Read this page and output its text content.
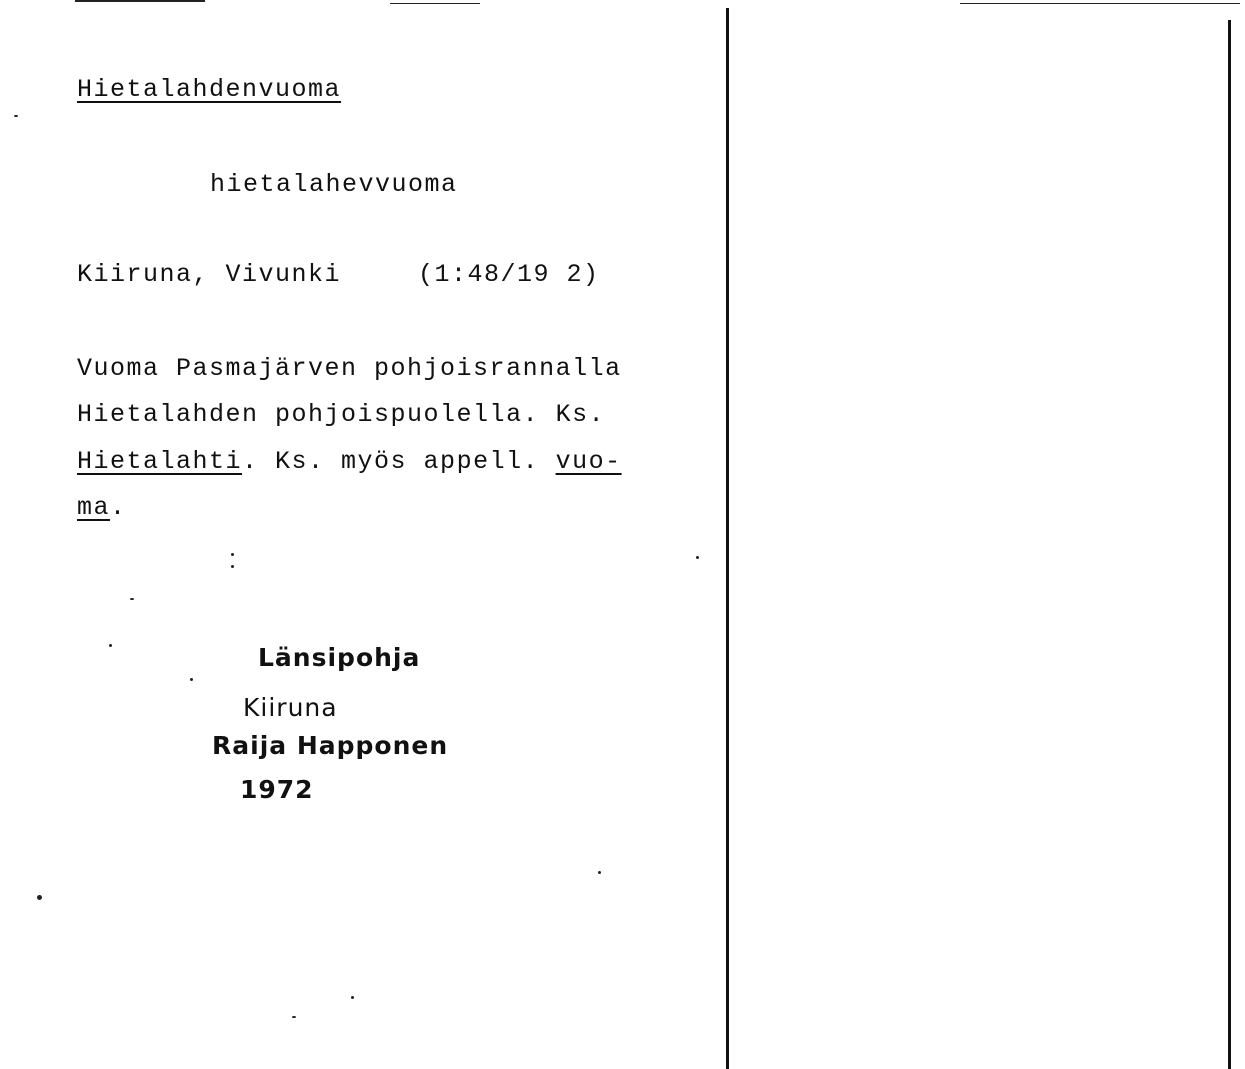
Hietalahdenvuoma
hietalahevvuoma
Kiiruna, Vivunki	(1:48/19 2)
Vuoma Pasmajärven pohjoisrannalla
Hietalahden pohjoispuolella. Ks.
Hietalahti. Ks. myös appell. vuo-
ma.
Länsipohja
Kiiruna
Raija Happonen
1972
